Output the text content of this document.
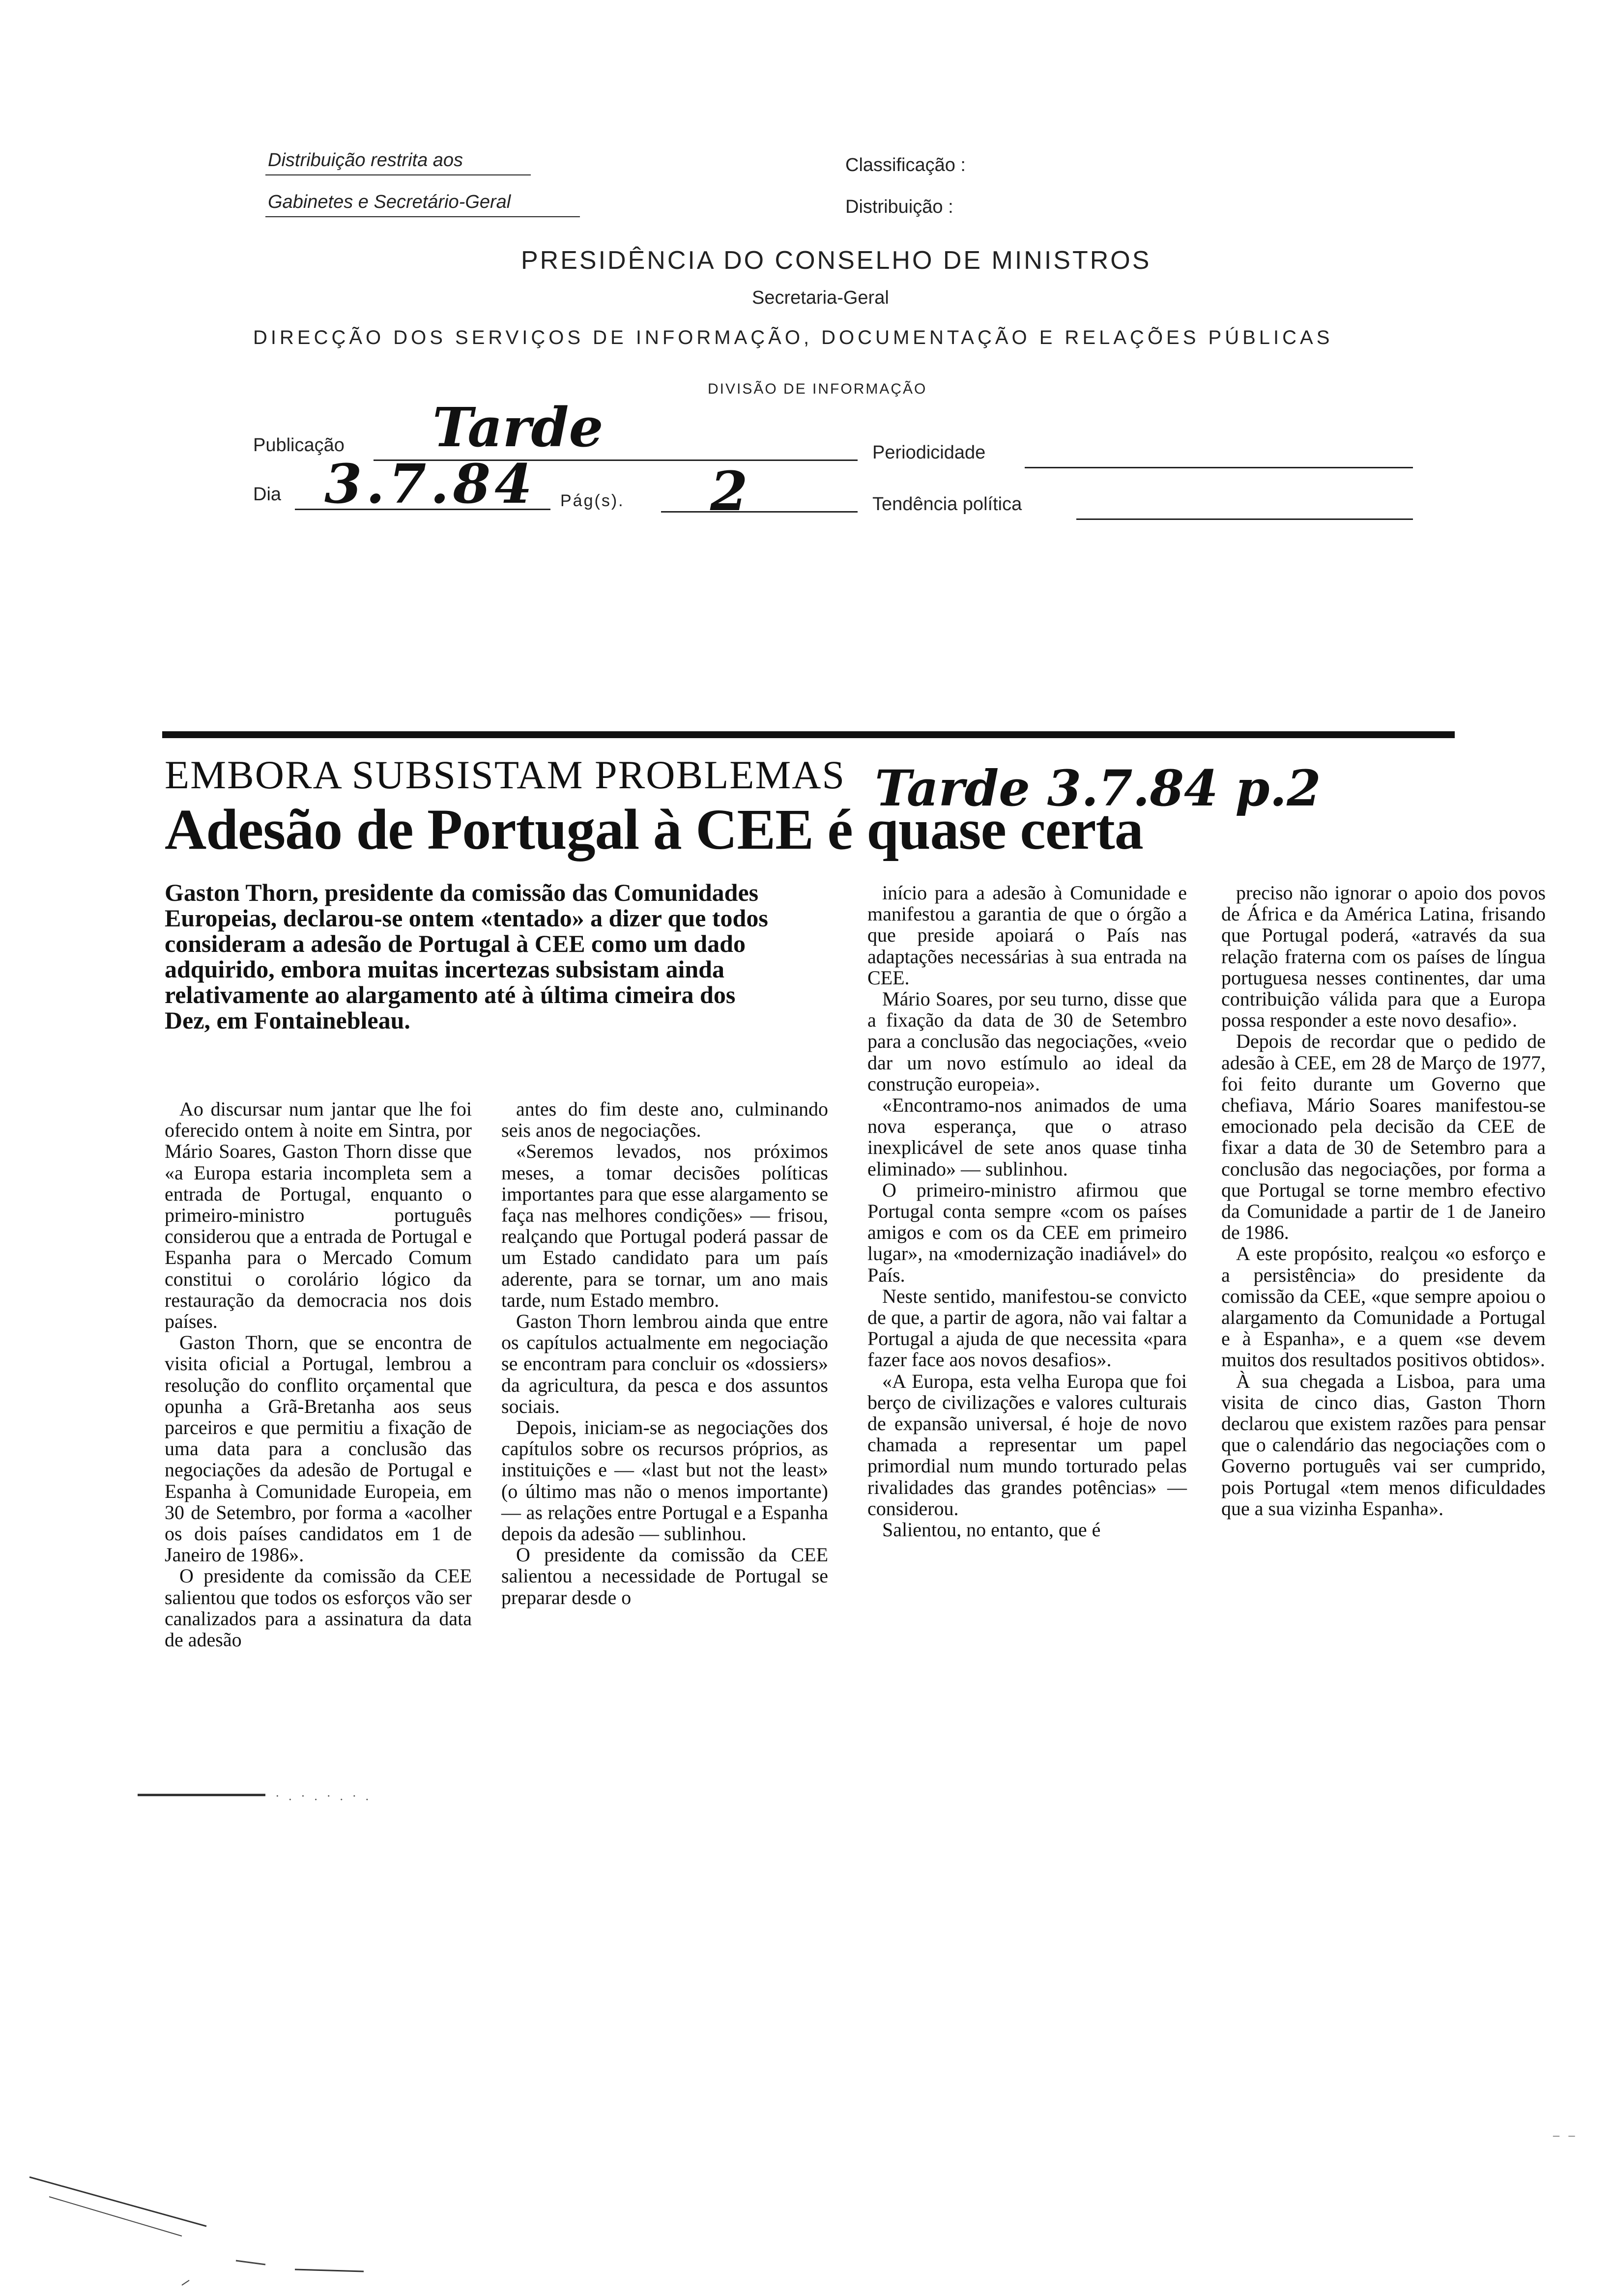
Distribuição restrita aos
Gabinetes e Secretário-Geral
Classificação :
Distribuição :
PRESIDÊNCIA DO CONSELHO DE MINISTROS
Secretaria-Geral
DIRECÇÃO DOS SERVIÇOS DE INFORMAÇÃO, DOCUMENTAÇÃO E RELAÇÕES PÚBLICAS
DIVISÃO DE INFORMAÇÃO
Publicação Tarde	Periodicidade
Dia 3.7.84 Pág(s). 2	Tendência política
EMBORA SUBSISTAM PROBLEMAS Tarde 3.7.84 p.2
Adesão de Portugal à CEE é quase certa
Gaston Thorn, presidente da comissão das Comunidades Europeias, declarou-se ontem «tentado» a dizer que todos consideram a adesão de Portugal à CEE como um dado adquirido, embora muitas incertezas subsistam ainda relativamente ao alargamento até à última cimeira dos Dez, em Fontainebleau.

Ao discursar num jantar que lhe foi oferecido ontem à noite em Sintra, por Mário Soares, Gaston Thorn disse que «a Europa estaria incompleta sem a entrada de Portugal, enquanto o primeiro-ministro português considerou que a entrada de Portugal e Espanha para o Mercado Comum constitui o corolário lógico da restauração da democracia nos dois países.

Gaston Thorn, que se encontra de visita oficial a Portugal, lembrou a resolução do conflito orçamental que opunha a Grã-Bretanha aos seus parceiros e que permitiu a fixação de uma data para a conclusão das negociações da adesão de Portugal e Espanha à Comunidade Europeia, em 30 de Setembro, por forma a «acolher os dois países candidatos em 1 de Janeiro de 1986».

O presidente da comissão da CEE salientou que todos os esforços vão ser canalizados para a assinatura da data de adesão

antes do fim deste ano, culminando seis anos de negociações.

«Seremos levados, nos próximos meses, a tomar decisões políticas importantes para que esse alargamento se faça nas melhores condições» — frisou, realçando que Portugal poderá passar de um Estado candidato para um país aderente, para se tornar, um ano mais tarde, num Estado membro.

Gaston Thorn lembrou ainda que entre os capítulos actualmente em negociação se encontram para concluir os «dossiers» da agricultura, da pesca e dos assuntos sociais.

Depois, iniciam-se as negociações dos capítulos sobre os recursos próprios, as instituições e — «last but not the least» (o último mas não o menos importante) — as relações entre Portugal e a Espanha depois da adesão — sublinhou.

O presidente da comissão da CEE salientou a necessidade de Portugal se preparar desde o

início para a adesão à Comunidade e manifestou a garantia de que o órgão a que preside apoiará o País nas adaptações necessárias à sua entrada na CEE.

Mário Soares, por seu turno, disse que a fixação da data de 30 de Setembro para a conclusão das negociações, «veio dar um novo estímulo ao ideal da construção europeia».

«Encontramo-nos animados de uma nova esperança, que o atraso inexplicável de sete anos quase tinha eliminado» — sublinhou.

O primeiro-ministro afirmou que Portugal conta sempre «com os países amigos e com os da CEE em primeiro lugar», na «modernização inadiável» do País.

Neste sentido, manifestou-se convicto de que, a partir de agora, não vai faltar a Portugal a ajuda de que necessita «para fazer face aos novos desafios».

«A Europa, esta velha Europa que foi berço de civilizações e valores culturais de expansão universal, é hoje de novo chamada a representar um papel primordial num mundo torturado pelas rivalidades das grandes potências» — considerou.

Salientou, no entanto, que é

preciso não ignorar o apoio dos povos de África e da América Latina, frisando que Portugal poderá, «através da sua relação fraterna com os países de língua portuguesa nesses continentes, dar uma contribuição válida para que a Europa possa responder a este novo desafio».

Depois de recordar que o pedido de adesão à CEE, em 28 de Março de 1977, foi feito durante um Governo que chefiava, Mário Soares manifestou-se emocionado pela decisão da CEE de fixar a data de 30 de Setembro para a conclusão das negociações, por forma a que Portugal se torne membro efectivo da Comunidade a partir de 1 de Janeiro de 1986.

A este propósito, realçou «o esforço e a persistência» do presidente da comissão da CEE, «que sempre apoiou o alargamento da Comunidade a Portugal e à Espanha», e a quem «se devem muitos dos resultados positivos obtidos».

À sua chegada a Lisboa, para uma visita de cinco dias, Gaston Thorn declarou que existem razões para pensar que o calendário das negociações com o Governo português vai ser cumprido, pois Portugal «tem menos dificuldades que a sua vizinha Espanha».

· . · . · . · .
– –
